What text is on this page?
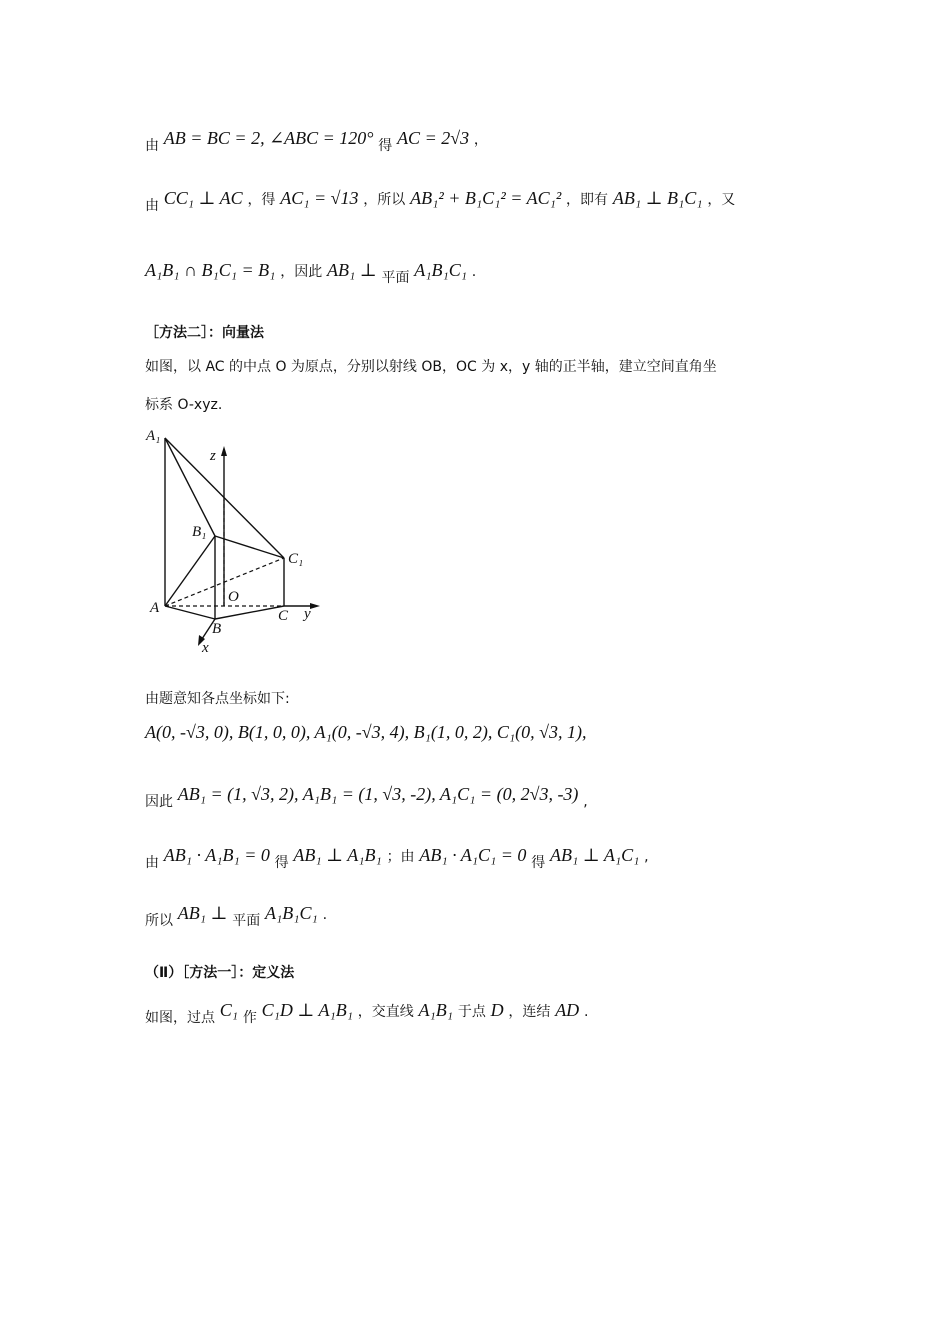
由 AB = BC = 2, ∠ABC = 120° 得 AC = 2√3 ，
由 CC₁ ⊥ AC ，得 AC₁ = √13 ，所以 AB₁² + B₁C₁² = AC₁² ，即有 AB₁ ⊥ B₁C₁ ，又
A₁B₁ ∩ B₁C₁ = B₁ ，因此 AB₁ ⊥ 平面 A₁B₁C₁ .
［方法二］：向量法
如图，以 AC 的中点 O 为原点，分别以射线 OB，OC 为 x，y 轴的正半轴，建立空间直角坐
标系 O-xyz.
A₁
z
B₁
C₁
A
O
C y
B
x
由题意知各点坐标如下:
A(0, -√3, 0), B(1, 0, 0), A₁(0, -√3, 4), B₁(1, 0, 2), C₁(0, √3, 1),
因此 AB₁ = (1, √3, 2), A₁B₁ = (1, √3, -2), A₁C₁ = (0, 2√3, -3) ,
由 AB₁ · A₁B₁ = 0 得 AB₁ ⊥ A₁B₁ ；由 AB₁ · A₁C₁ = 0 得 AB₁ ⊥ A₁C₁ ,
所以 AB₁ ⊥ 平面 A₁B₁C₁ .
（Ⅱ）［方法一］：定义法
如图，过点 C₁ 作 C₁D ⊥ A₁B₁ ，交直线 A₁B₁ 于点 D ，连结 AD .
